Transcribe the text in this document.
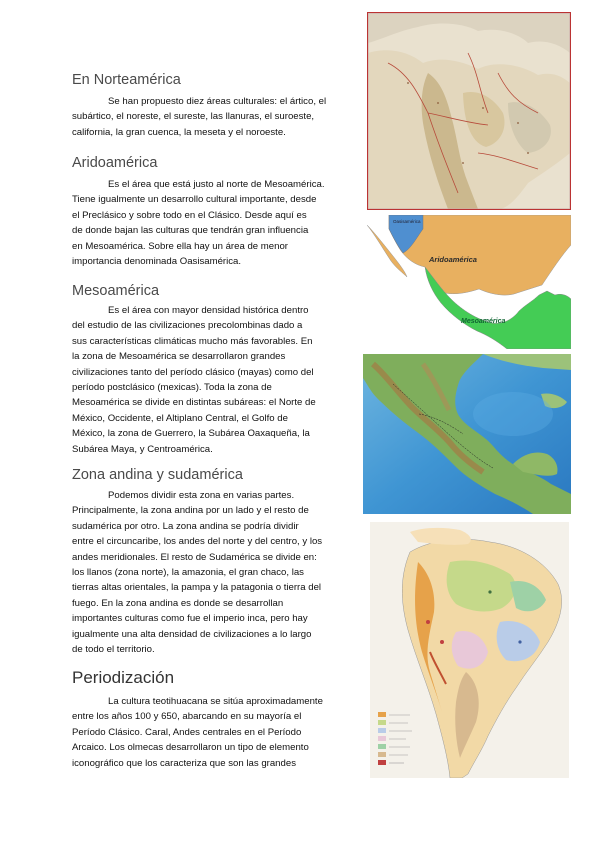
En Norteamérica
Se han propuesto diez áreas culturales: el ártico, el
subártico, el noreste, el sureste, las llanuras, el suroeste,
california, la gran cuenca, la meseta y el noroeste.
Aridoamérica
Es el área que está justo al norte de Mesoamérica.
Tiene igualmente un desarrollo cultural importante, desde
el Preclásico y sobre todo en el Clásico. Desde aquí es
de donde bajan las culturas que tendrán gran influencia
en Mesoamérica. Sobre ella hay un área de menor
importancia denominada Oasisamérica.
Mesoamérica
Es el área con mayor densidad histórica dentro
del estudio de las civilizaciones precolombinas dado a
sus características climáticas mucho más favorables. En
la zona de Mesoamérica se desarrollaron grandes
civilizaciones tanto del período clásico (mayas) como del
período postclásico (mexicas). Toda la zona de
Mesoamérica se divide en distintas subáreas: el Norte de
México, Occidente, el Altiplano Central, el Golfo de
México, la zona de Guerrero, la Subárea Oaxaqueña, la
Subárea Maya, y Centroamérica.
Zona andina y sudamérica
Podemos dividir esta zona en varias partes.
Principalmente, la zona andina por un lado y el resto de
sudamérica por otro. La zona andina se podría dividir
entre el circuncaribe, los andes del norte y del centro, y los
andes meridionales. El resto de Sudamérica se divide en:
los llanos (zona norte), la amazonia, el gran chaco, las
tierras altas orientales, la pampa y la patagonia o tierra del
fuego. En la zona andina es donde se desarrollan
importantes culturas como fue el imperio inca, pero hay
igualmente una alta densidad de civilizaciones a lo largo
de todo el territorio.
Periodización
La cultura teotihuacana se sitúa aproximadamente
entre los años 100 y 650, abarcando en su mayoría el
Período Clásico. Caral, Andes centrales en el Período
Arcaico. Los olmecas desarrollaron un tipo de elemento
iconográfico que los caracteriza que son las grandes
Aridoamérica
Mesoamérica
Oasisamérica
